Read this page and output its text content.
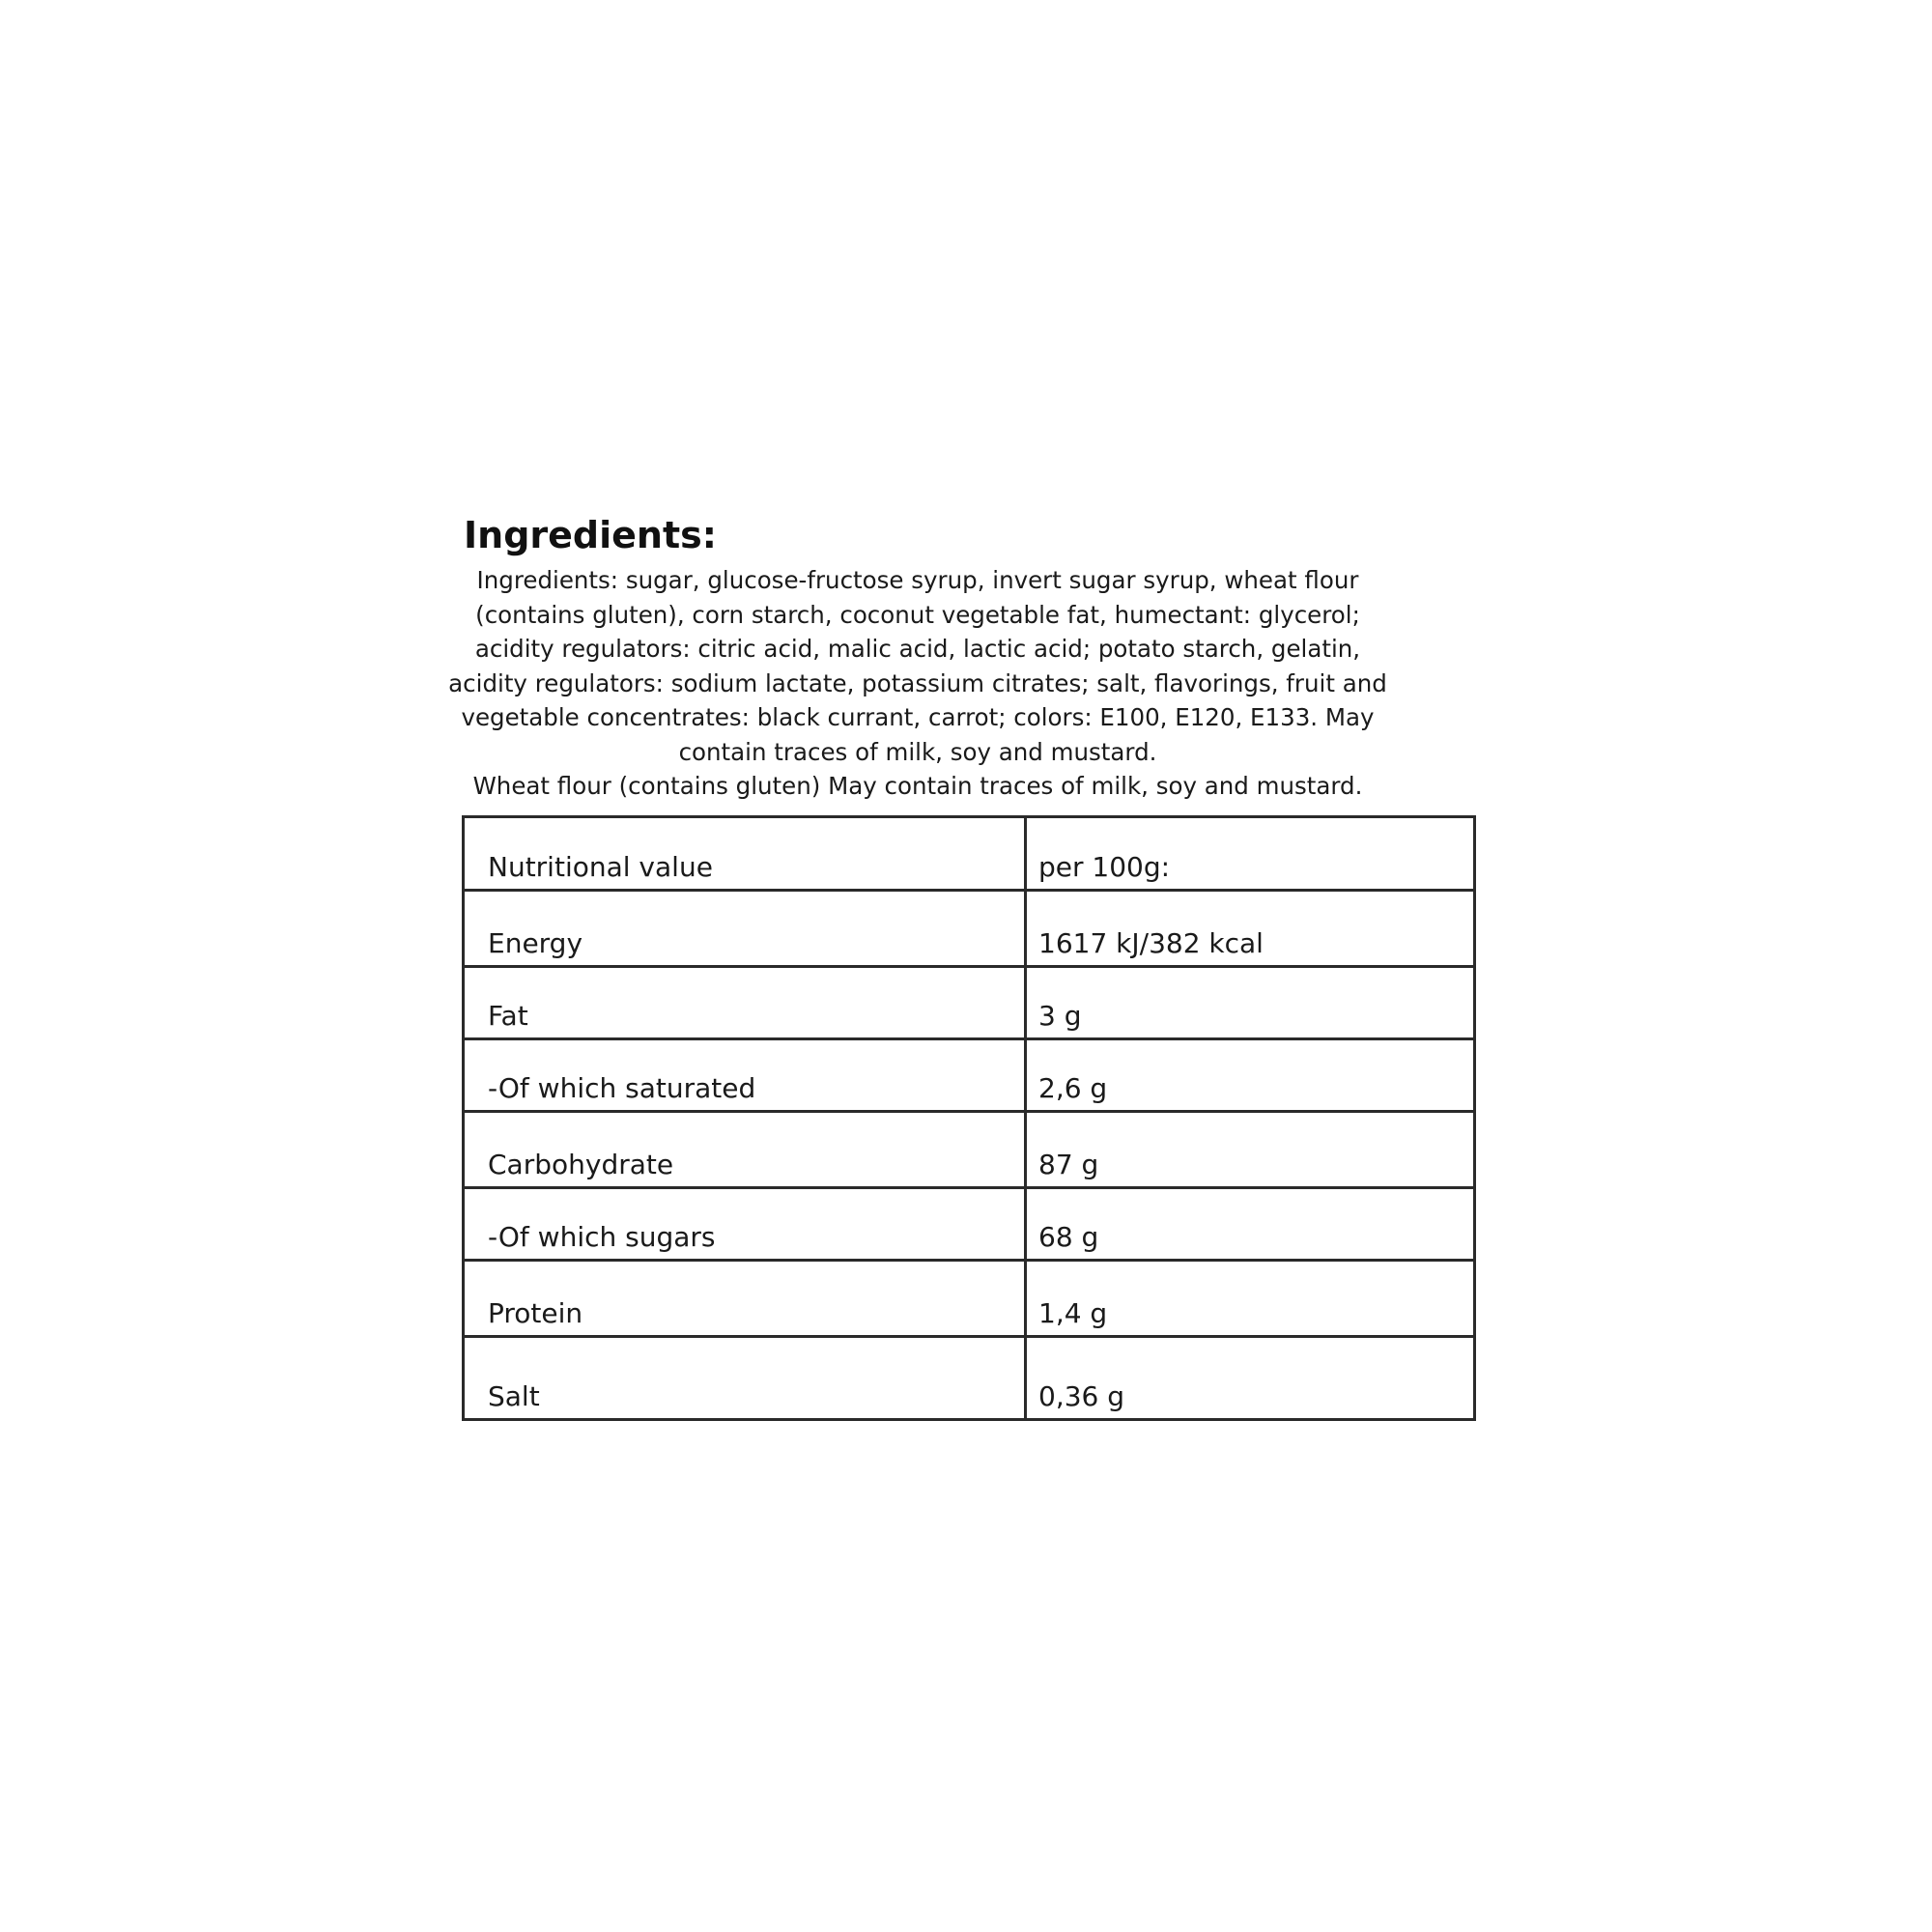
Ingredients:

Ingredients: sugar, glucose-fructose syrup, invert sugar syrup, wheat flour (contains gluten), corn starch, coconut vegetable fat, humectant: glycerol; acidity regulators: citric acid, malic acid, lactic acid; potato starch, gelatin, acidity regulators: sodium lactate, potassium citrates; salt, flavorings, fruit and vegetable concentrates: black currant, carrot; colors: E100, E120, E133. May contain traces of milk, soy and mustard.

Wheat flour (contains gluten) May contain traces of milk, soy and mustard.

Nutritional value	per 100g:
Energy	1617 kJ/382 kcal
Fat	3 g
-Of which saturated	2,6 g
Carbohydrate	87 g
-Of which sugars	68 g
Protein	1,4 g
Salt	0,36 g
